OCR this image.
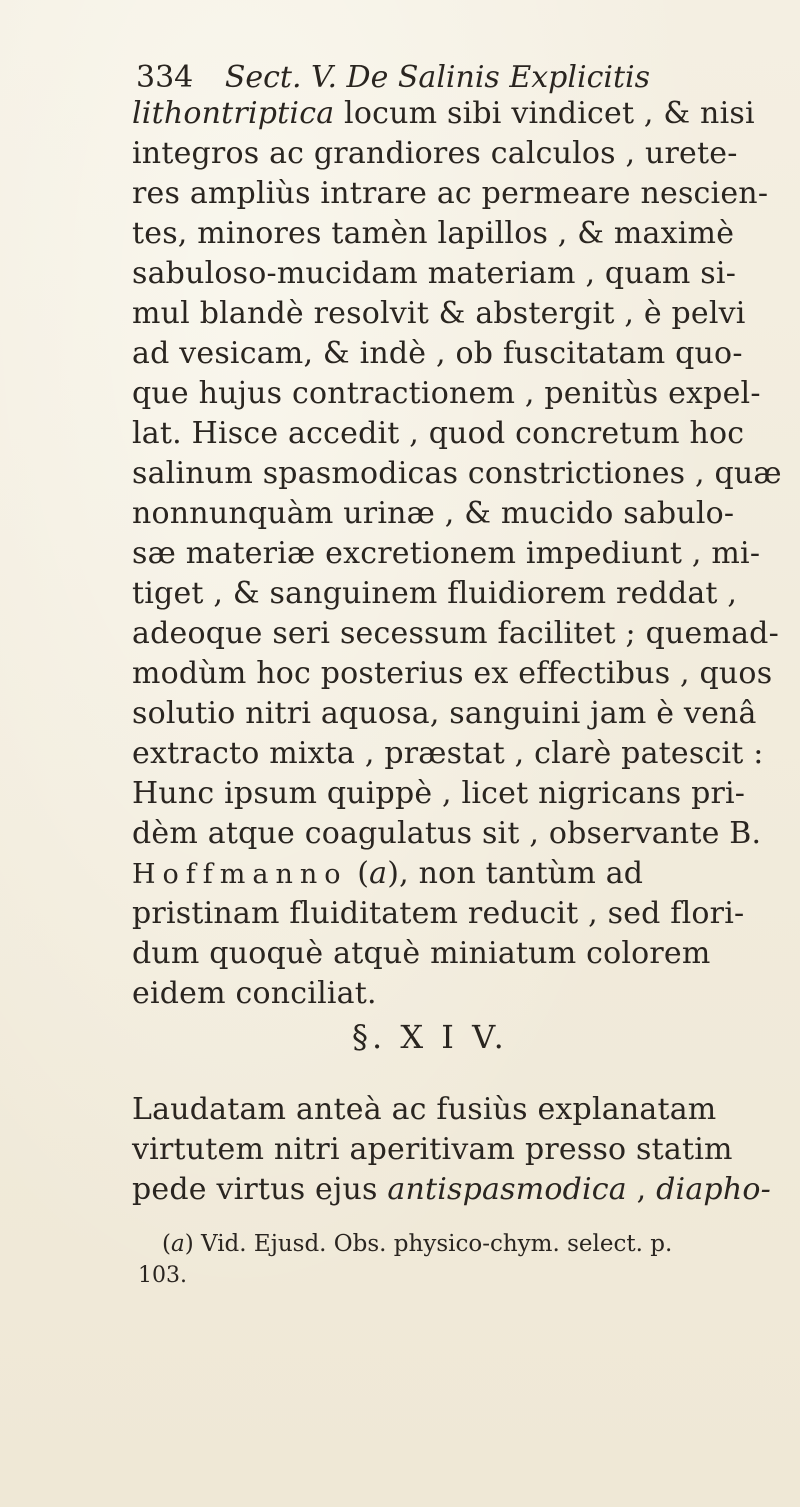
334 Sect. V. De Salinis Explicitis
lithontriptica locum sibi vindicet , & nisi
integros ac grandiores calculos , urete-
res ampliùs intrare ac permeare nescien-
tes, minores tamèn lapillos , & maximè
sabuloso-mucidam materiam , quam si-
mul blandè resolvit & abstergit , è pelvi
ad vesicam, & indè , ob fuscitatam quo-
que hujus contractionem , penitùs expel-
lat. Hisce accedit , quod concretum hoc
salinum spasmodicas constrictiones , quæ
nonnunquàm urinæ , & mucido sabulo-
sæ materiæ excretionem impediunt , mi-
tiget , & sanguinem fluidiorem reddat ,
adeoque seri secessum facilitet ; quemad-
modùm hoc posterius ex effectibus , quos
solutio nitri aquosa, sanguini jam è venâ
extracto mixta , præstat , clarè patescit :
Hunc ipsum quippè , licet nigricans pri-
dèm atque coagulatus sit , observante B.
Hoffmanno (a), non tantùm ad
pristinam fluiditatem reducit , sed flori-
dum quoquè atquè miniatum colorem
eidem conciliat.
§. X I V.
Laudatam anteà ac fusiùs explanatam
virtutem nitri aperitivam presso statim
pede virtus ejus antispasmodica , diapho-
(a) Vid. Ejusd. Obs. physico-chym. select. p.
103.
